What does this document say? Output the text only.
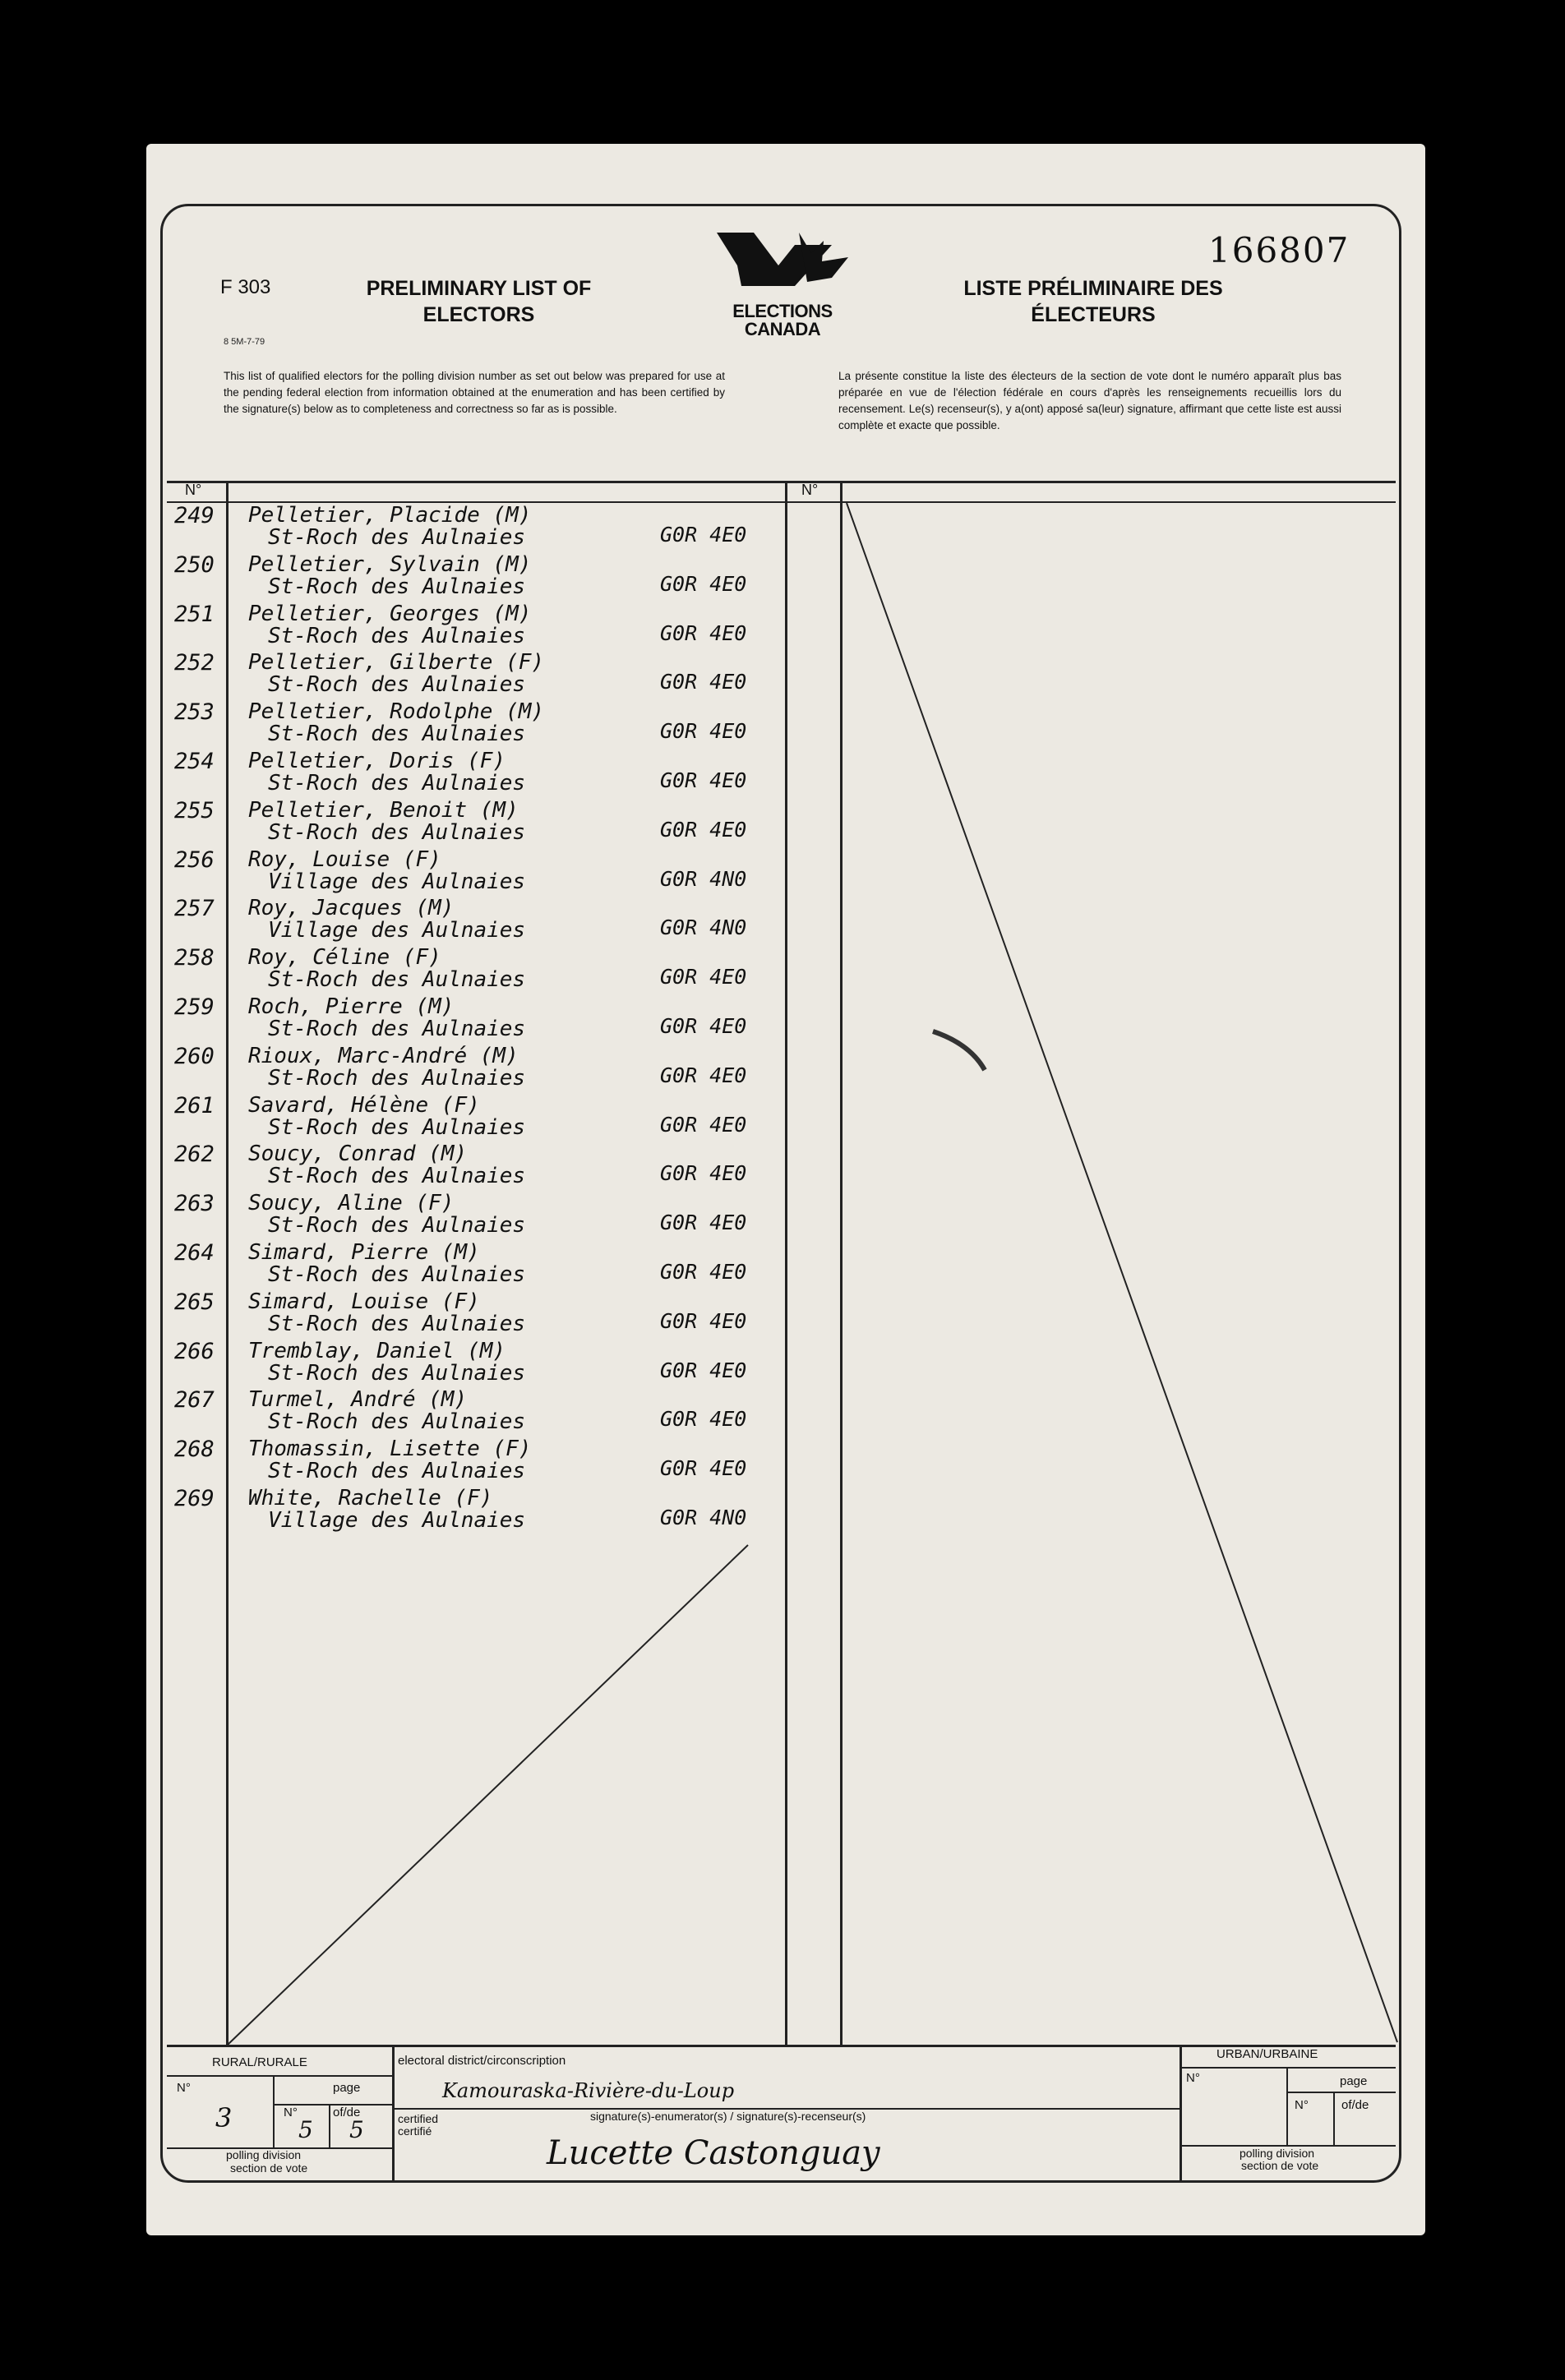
F 303
8 5M-7-79
PRELIMINARY LIST OF ELECTORS
LISTE PRÉLIMINAIRE DES ÉLECTEURS
166807
ELECTIONS CANADA
This list of qualified electors for the polling division number as set out below was prepared for use at the pending federal election from information obtained at the enumeration and has been certified by the signature(s) below as to completeness and correctness so far as is possible.
La présente constitue la liste des électeurs de la section de vote dont le numéro apparaît plus bas préparée en vue de l'élection fédérale en cours d'après les renseignements recueillis lors du recensement. Le(s) recenseur(s), y a(ont) apposé sa(leur) signature, affirmant que cette liste est aussi complète et exacte que possible.
N°	N°
249 Pelletier, Placide (M)
St-Roch des Aulnaies	G0R 4E0
250 Pelletier, Sylvain (M)
St-Roch des Aulnaies	G0R 4E0
251 Pelletier, Georges (M)
St-Roch des Aulnaies	G0R 4E0
252 Pelletier, Gilberte (F)
St-Roch des Aulnaies	G0R 4E0
253 Pelletier, Rodolphe (M)
St-Roch des Aulnaies	G0R 4E0
254 Pelletier, Doris (F)
St-Roch des Aulnaies	G0R 4E0
255 Pelletier, Benoit (M)
St-Roch des Aulnaies	G0R 4E0
256 Roy, Louise (F)
Village des Aulnaies	G0R 4N0
257 Roy, Jacques (M)
Village des Aulnaies	G0R 4N0
258 Roy, Céline (F)
St-Roch des Aulnaies	G0R 4E0
259 Roch, Pierre (M)
St-Roch des Aulnaies	G0R 4E0
260 Rioux, Marc-André (M)
St-Roch des Aulnaies	G0R 4E0
261 Savard, Hélène (F)
St-Roch des Aulnaies	G0R 4E0
262 Soucy, Conrad (M)
St-Roch des Aulnaies	G0R 4E0
263 Soucy, Aline (F)
St-Roch des Aulnaies	G0R 4E0
264 Simard, Pierre (M)
St-Roch des Aulnaies	G0R 4E0
265 Simard, Louise (F)
St-Roch des Aulnaies	G0R 4E0
266 Tremblay, Daniel (M)
St-Roch des Aulnaies	G0R 4E0
267 Turmel, André (M)
St-Roch des Aulnaies	G0R 4E0
268 Thomassin, Lisette (F)
St-Roch des Aulnaies	G0R 4E0
269 White, Rachelle (F)
Village des Aulnaies	G0R 4N0
RURAL/RURALE
URBAN/URBAINE
N°	page
N°	of/de
3	5 5
polling division
section de vote
electoral district/circonscription
Kamouraska-Rivière-du-Loup
certified
certifié
signature(s)-enumerator(s) / signature(s)-recenseur(s)
Lucette Castonguay
N°	page
N°	of/de
polling division
section de vote
